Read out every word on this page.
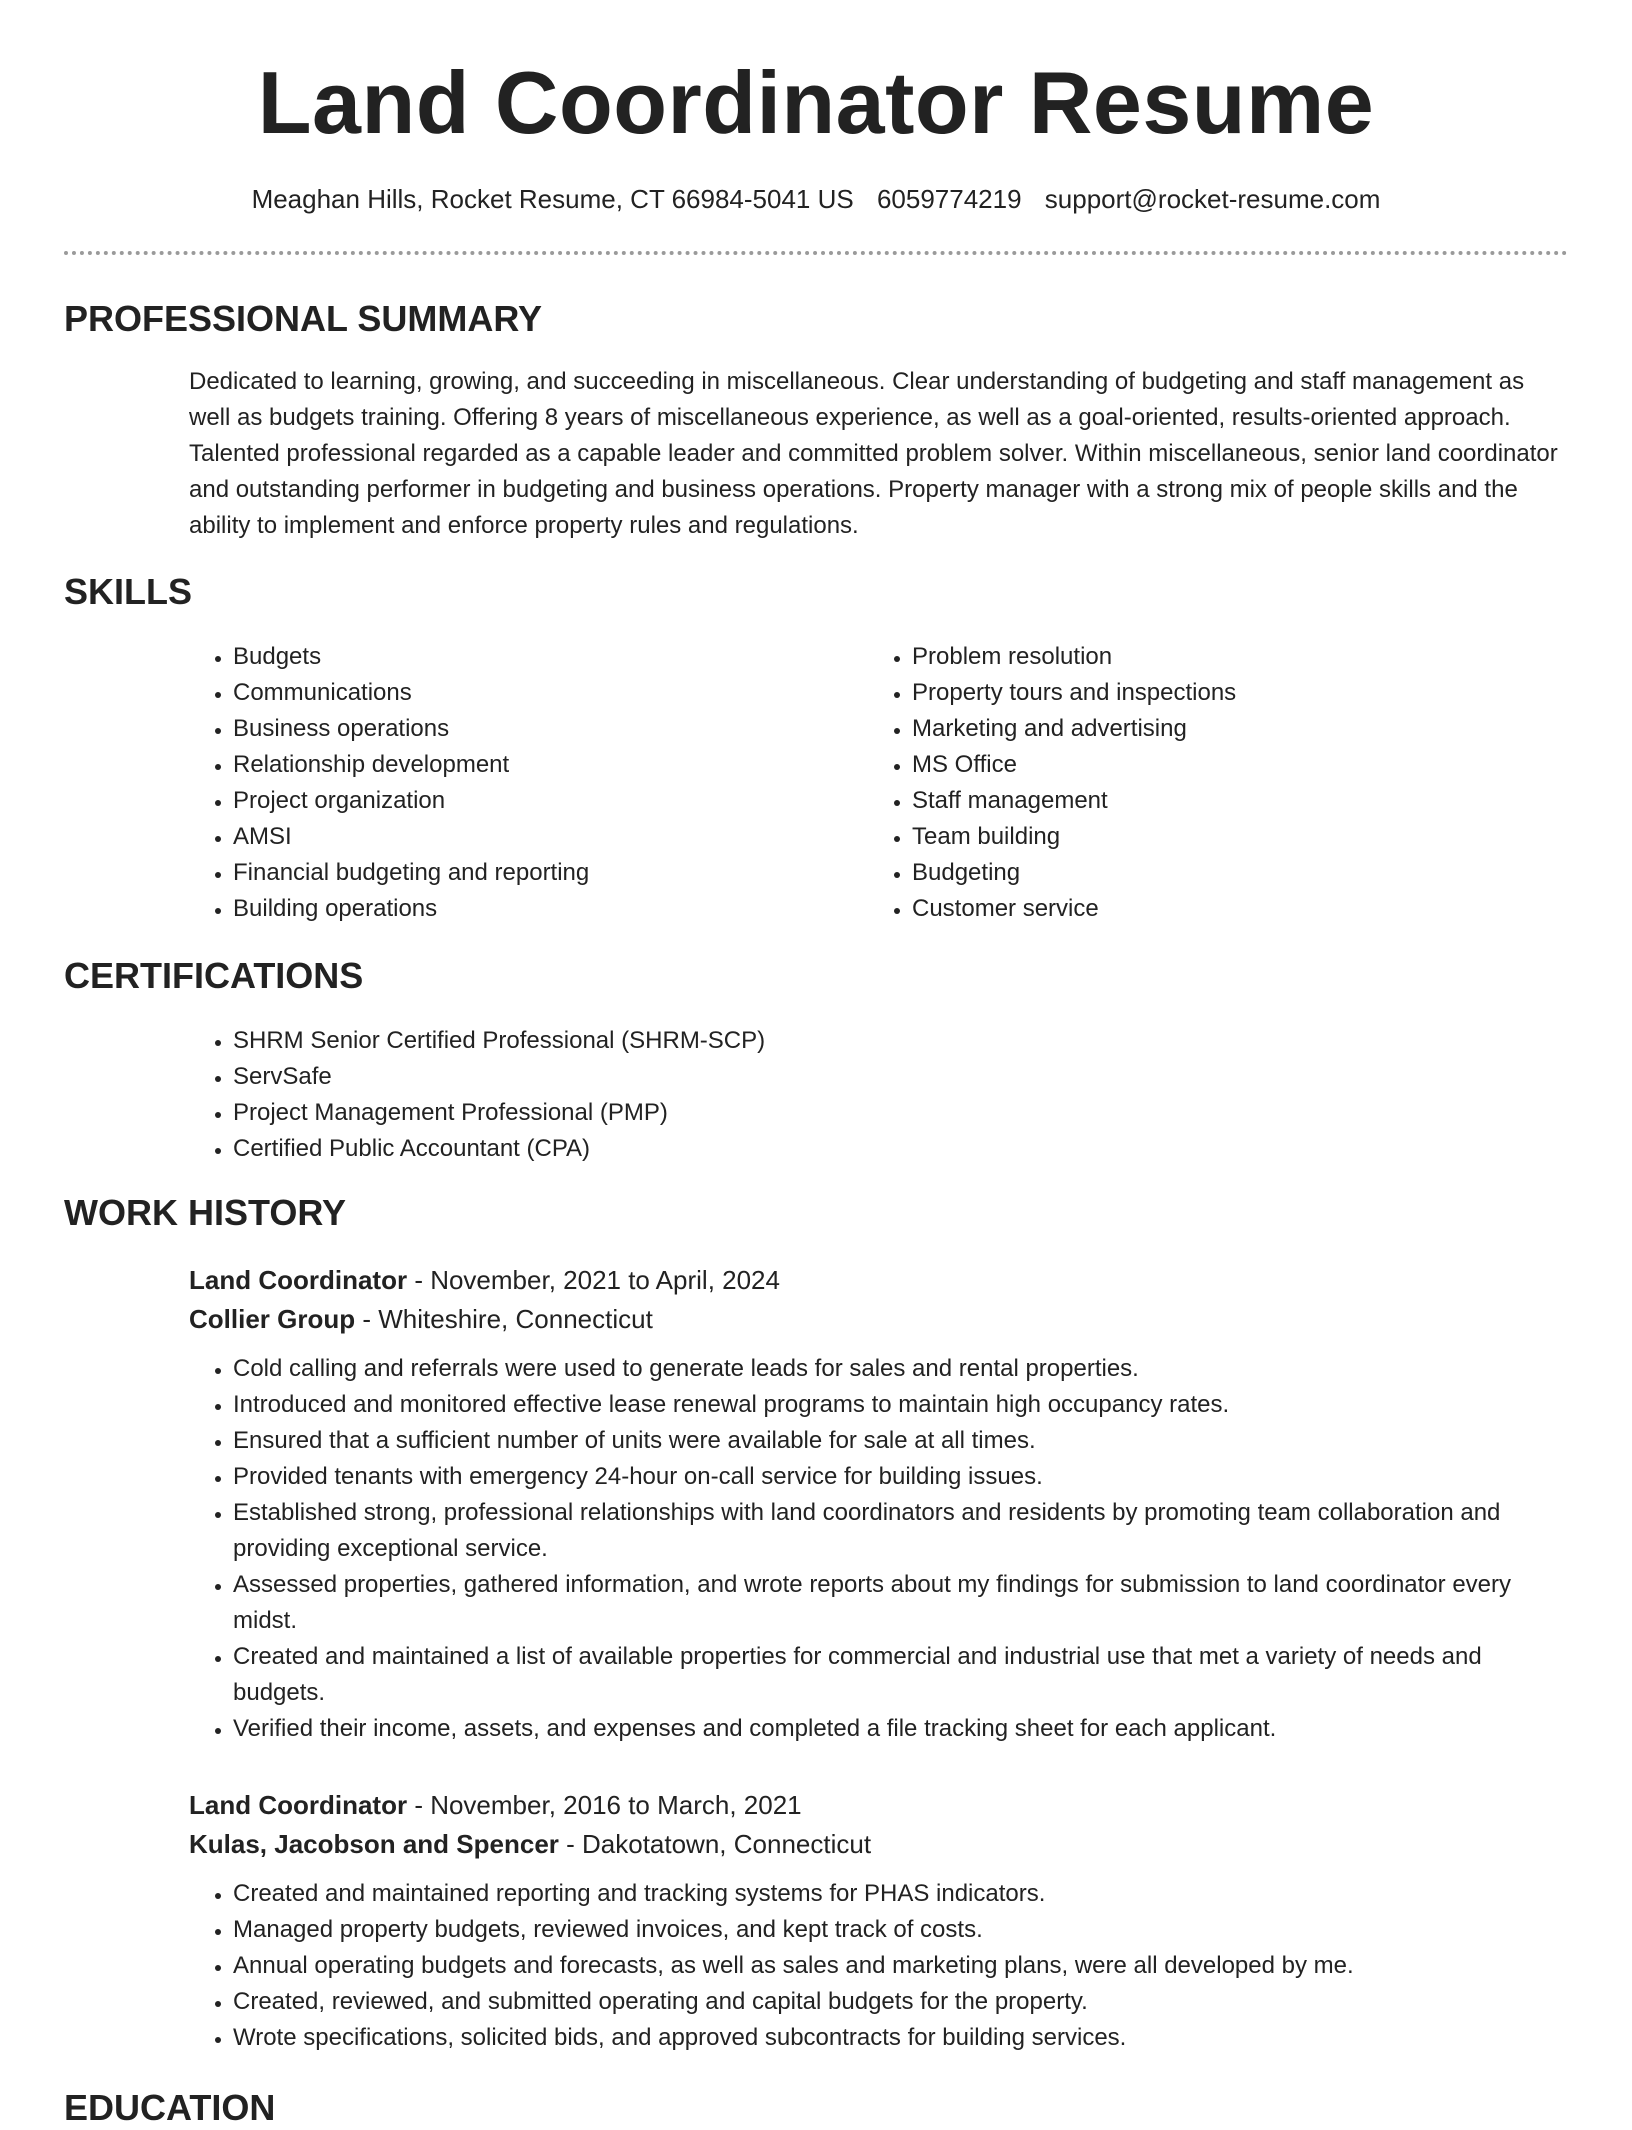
Land Coordinator Resume
Meaghan Hills, Rocket Resume, CT 66984-5041 US 6059774219 support@rocket-resume.com
PROFESSIONAL SUMMARY
Dedicated to learning, growing, and succeeding in miscellaneous. Clear understanding of budgeting and staff management as well as budgets training. Offering 8 years of miscellaneous experience, as well as a goal-oriented, results-oriented approach. Talented professional regarded as a capable leader and committed problem solver. Within miscellaneous, senior land coordinator and outstanding performer in budgeting and business operations. Property manager with a strong mix of people skills and the ability to implement and enforce property rules and regulations.
SKILLS
• Budgets
• Communications
• Business operations
• Relationship development
• Project organization
• AMSI
• Financial budgeting and reporting
• Building operations
• Problem resolution
• Property tours and inspections
• Marketing and advertising
• MS Office
• Staff management
• Team building
• Budgeting
• Customer service
CERTIFICATIONS
• SHRM Senior Certified Professional (SHRM-SCP)
• ServSafe
• Project Management Professional (PMP)
• Certified Public Accountant (CPA)
WORK HISTORY
Land Coordinator - November, 2021 to April, 2024
Collier Group - Whiteshire, Connecticut
• Cold calling and referrals were used to generate leads for sales and rental properties.
• Introduced and monitored effective lease renewal programs to maintain high occupancy rates.
• Ensured that a sufficient number of units were available for sale at all times.
• Provided tenants with emergency 24-hour on-call service for building issues.
• Established strong, professional relationships with land coordinators and residents by promoting team collaboration and providing exceptional service.
• Assessed properties, gathered information, and wrote reports about my findings for submission to land coordinator every midst.
• Created and maintained a list of available properties for commercial and industrial use that met a variety of needs and budgets.
• Verified their income, assets, and expenses and completed a file tracking sheet for each applicant.
Land Coordinator - November, 2016 to March, 2021
Kulas, Jacobson and Spencer - Dakotatown, Connecticut
• Created and maintained reporting and tracking systems for PHAS indicators.
• Managed property budgets, reviewed invoices, and kept track of costs.
• Annual operating budgets and forecasts, as well as sales and marketing plans, were all developed by me.
• Created, reviewed, and submitted operating and capital budgets for the property.
• Wrote specifications, solicited bids, and approved subcontracts for building services.
EDUCATION
